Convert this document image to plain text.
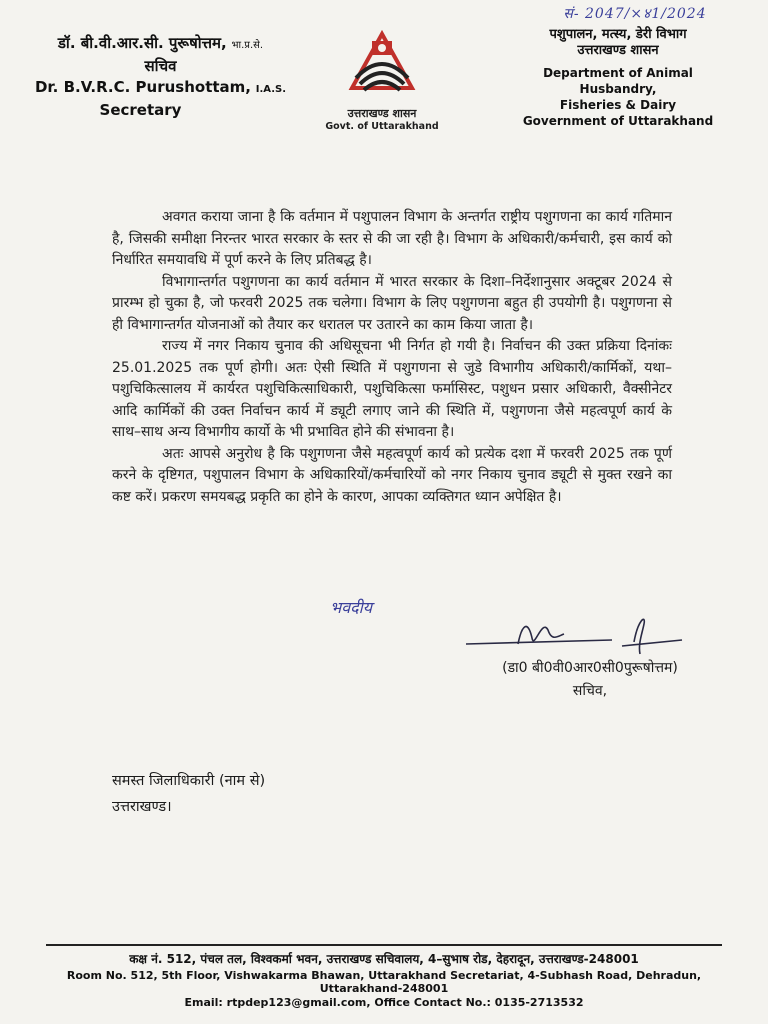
डॉ. बी.वी.आर.सी. पुरूषोत्तम, भा.प्र.से.
सचिव
Dr. B.V.R.C. Purushottam, I.A.S.
Secretary	उत्तराखण्ड शासन
Govt. of Uttarakhand
सं- 2047/×४1/2024
पशुपालन, मत्स्य, डेरी विभाग
उत्तराखण्ड शासन
Department of Animal Husbandry,
Fisheries & Dairy
Government of Uttarakhand

अवगत कराया जाना है कि वर्तमान में पशुपालन विभाग के अन्तर्गत राष्ट्रीय पशुगणना का कार्य गतिमान है, जिसकी समीक्षा निरन्तर भारत सरकार के स्तर से की जा रही है। विभाग के अधिकारी/कर्मचारी, इस कार्य को निर्धारित समयावधि में पूर्ण करने के लिए प्रतिबद्ध है।

विभागान्तर्गत पशुगणना का कार्य वर्तमान में भारत सरकार के दिशा–निर्देशानुसार अक्टूबर 2024 से प्रारम्भ हो चुका है, जो फरवरी 2025 तक चलेगा। विभाग के लिए पशुगणना बहुत ही उपयोगी है। पशुगणना से ही विभागान्तर्गत योजनाओं को तैयार कर धरातल पर उतारने का काम किया जाता है।

राज्य में नगर निकाय चुनाव की अधिसूचना भी निर्गत हो गयी है। निर्वाचन की उक्त प्रक्रिया दिनांकः 25.01.2025 तक पूर्ण होगी। अतः ऐसी स्थिति में पशुगणना से जुडे विभागीय अधिकारी/कार्मिकों, यथा–पशुचिकित्सालय में कार्यरत पशुचिकित्साधिकारी, पशुचिकित्सा फर्मासिस्ट, पशुधन प्रसार अधिकारी, वैक्सीनेटर आदि कार्मिकों की उक्त निर्वाचन कार्य में ड्यूटी लगाए जाने की स्थिति में, पशुगणना जैसे महत्वपूर्ण कार्य के साथ–साथ अन्य विभागीय कार्यो के भी प्रभावित होने की संभावना है।

अतः आपसे अनुरोध है कि पशुगणना जैसे महत्वपूर्ण कार्य को प्रत्येक दशा में फरवरी 2025 तक पूर्ण करने के दृष्टिगत, पशुपालन विभाग के अधिकारियों/कर्मचारियों को नगर निकाय चुनाव ड्यूटी से मुक्त रखने का कष्ट करें। प्रकरण समयबद्ध प्रकृति का होने के कारण, आपका व्यक्तिगत ध्यान अपेक्षित है।

भवदीय
(डा0 बी0वी0आर0सी0पुरूषोत्तम)
सचिव,
समस्त जिलाधिकारी (नाम से)
उत्तराखण्ड।
कक्ष नं. 512, पंचल तल, विश्वकर्मा भवन, उत्तराखण्ड सचिवालय, 4–सुभाष रोड, देहरादून, उत्तराखण्ड-248001
Room No. 512, 5th Floor, Vishwakarma Bhawan, Uttarakhand Secretariat, 4-Subhash Road, Dehradun, Uttarakhand-248001
Email: rtpdep123@gmail.com, Office Contact No.: 0135-2713532
